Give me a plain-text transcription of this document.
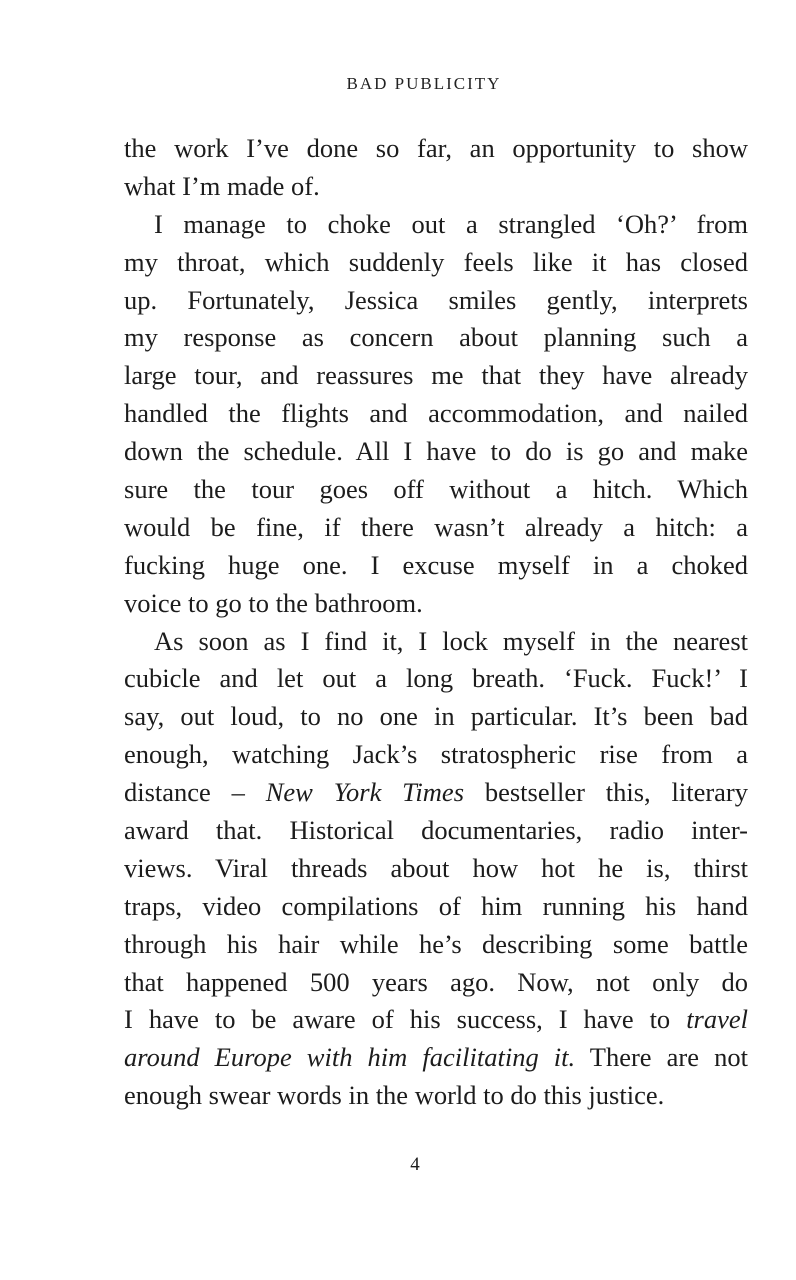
BAD PUBLICITY
the work I’ve done so far, an opportunity to show
what I’m made of.
I manage to choke out a strangled ‘Oh?’ from
my throat, which suddenly feels like it has closed
up. Fortunately, Jessica smiles gently, interprets
my response as concern about planning such a
large tour, and reassures me that they have already
handled the flights and accommodation, and nailed
down the schedule. All I have to do is go and make
sure the tour goes off without a hitch. Which
would be fine, if there wasn’t already a hitch: a
fucking huge one. I excuse myself in a choked
voice to go to the bathroom.
As soon as I find it, I lock myself in the nearest
cubicle and let out a long breath. ‘Fuck. Fuck!’ I
say, out loud, to no one in particular. It’s been bad
enough, watching Jack’s stratospheric rise from a
distance – New York Times bestseller this, literary
award that. Historical documentaries, radio inter-
views. Viral threads about how hot he is, thirst
traps, video compilations of him running his hand
through his hair while he’s describing some battle
that happened 500 years ago. Now, not only do
I have to be aware of his success, I have to travel
around Europe with him facilitating it. There are not
enough swear words in the world to do this justice.
4
